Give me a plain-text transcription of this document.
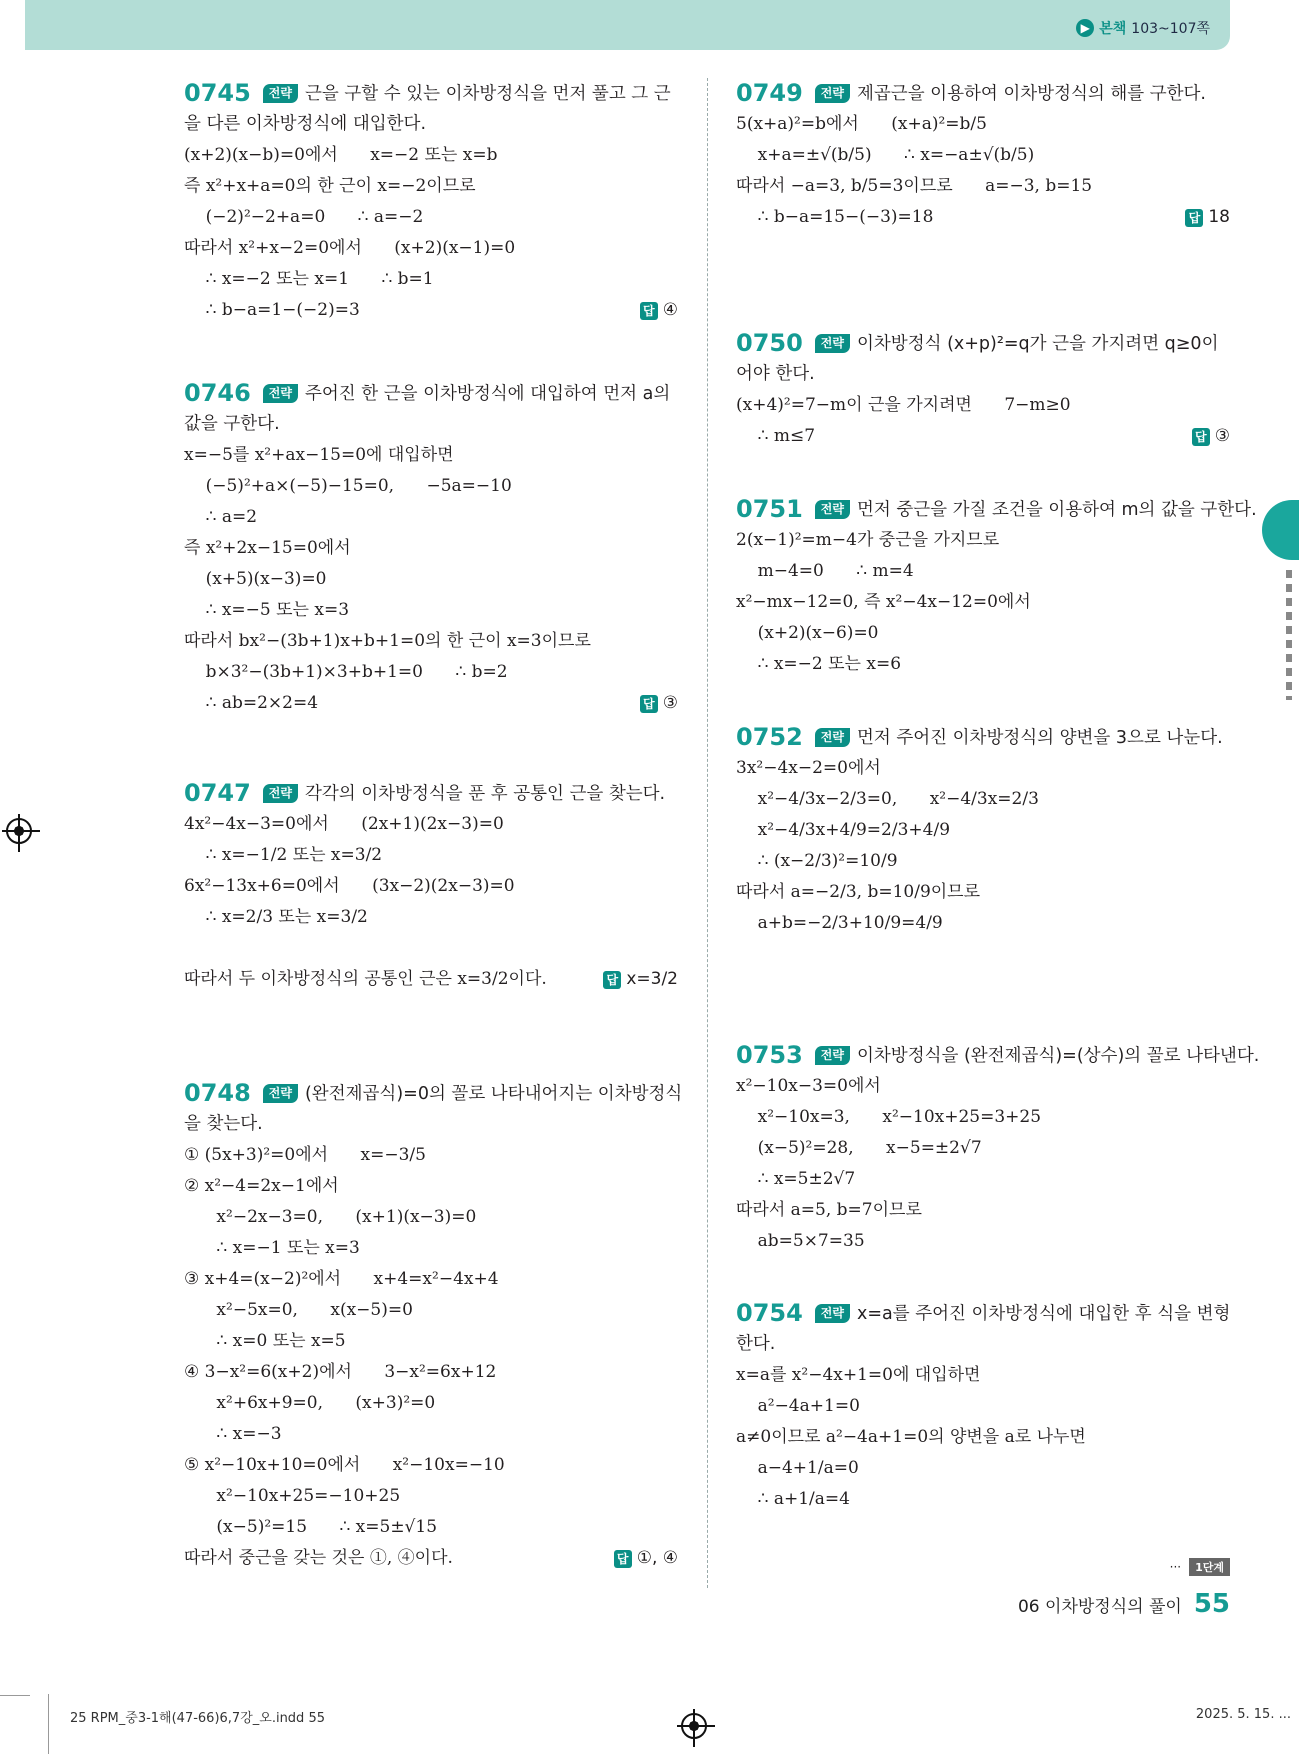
▶ 본책 103~107쪽
0745 전략 근을 구할 수 있는 이차방정식을 먼저 풀고 그 근
을 다른 이차방정식에 대입한다.
(x+2)(x−b)=0에서      x=−2 또는 x=b
즉 x²+x+a=0의 한 근이 x=−2이므로
(−2)²−2+a=0      ∴ a=−2
따라서 x²+x−2=0에서      (x+2)(x−1)=0
∴ x=−2 또는 x=1      ∴ b=1
∴ b−a=1−(−2)=3	답 ④
0746 전략 주어진 한 근을 이차방정식에 대입하여 먼저 a의
값을 구한다.
x=−5를 x²+ax−15=0에 대입하면
(−5)²+a×(−5)−15=0,      −5a=−10
∴ a=2
즉 x²+2x−15=0에서
(x+5)(x−3)=0
∴ x=−5 또는 x=3
따라서 bx²−(3b+1)x+b+1=0의 한 근이 x=3이므로
b×3²−(3b+1)×3+b+1=0      ∴ b=2
∴ ab=2×2=4	답 ③
0747 전략 각각의 이차방정식을 푼 후 공통인 근을 찾는다.
4x²−4x−3=0에서      (2x+1)(2x−3)=0
∴ x=−1/2 또는 x=3/2
6x²−13x+6=0에서      (3x−2)(2x−3)=0
∴ x=2/3 또는 x=3/2
따라서 두 이차방정식의 공통인 근은 x=3/2이다.	답 x=3/2
0748 전략 (완전제곱식)=0의 꼴로 나타내어지는 이차방정식
을 찾는다.
① (5x+3)²=0에서      x=−3/5
② x²−4=2x−1에서
x²−2x−3=0,      (x+1)(x−3)=0
∴ x=−1 또는 x=3
③ x+4=(x−2)²에서      x+4=x²−4x+4
x²−5x=0,      x(x−5)=0
∴ x=0 또는 x=5
④ 3−x²=6(x+2)에서      3−x²=6x+12
x²+6x+9=0,      (x+3)²=0
∴ x=−3
⑤ x²−10x+10=0에서      x²−10x=−10
x²−10x+25=−10+25
(x−5)²=15      ∴ x=5±√15
따라서 중근을 갖는 것은 ①, ④이다.	답 ①, ④
0749 전략 제곱근을 이용하여 이차방정식의 해를 구한다.
5(x+a)²=b에서      (x+a)²=b/5
x+a=±√(b/5)      ∴ x=−a±√(b/5)
따라서 −a=3, b/5=3이므로      a=−3, b=15
∴ b−a=15−(−3)=18	답 18
0750 전략 이차방정식 (x+p)²=q가 근을 가지려면 q≥0이
어야 한다.
(x+4)²=7−m이 근을 가지려면      7−m≥0
∴ m≤7	답 ③
0751 전략 먼저 중근을 가질 조건을 이용하여 m의 값을 구한다.
2(x−1)²=m−4가 중근을 가지므로
m−4=0      ∴ m=4
x²−mx−12=0, 즉 x²−4x−12=0에서
(x+2)(x−6)=0
∴ x=−2 또는 x=6
0752 전략 먼저 주어진 이차방정식의 양변을 3으로 나눈다.
3x²−4x−2=0에서
x²−4/3x−2/3=0,      x²−4/3x=2/3
x²−4/3x+4/9=2/3+4/9
∴ (x−2/3)²=10/9
따라서 a=−2/3, b=10/9이므로
a+b=−2/3+10/9=4/9
0753 전략 이차방정식을 (완전제곱식)=(상수)의 꼴로 나타낸다.
x²−10x−3=0에서
x²−10x=3,      x²−10x+25=3+25
(x−5)²=28,      x−5=±2√7
∴ x=5±2√7
따라서 a=5, b=7이므로
ab=5×7=35
0754 전략 x=a를 주어진 이차방정식에 대입한 후 식을 변형
한다.
x=a를 x²−4x+1=0에 대입하면
a²−4a+1=0
a≠0이므로 a²−4a+1=0의 양변을 a로 나누면
a−4+1/a=0
∴ a+1/a=4
···	1단계
06 이차방정식의 풀이 55
25 RPM_중3-1해(47-66)6,7강_오.indd 55	2025. 5. 15. ...
